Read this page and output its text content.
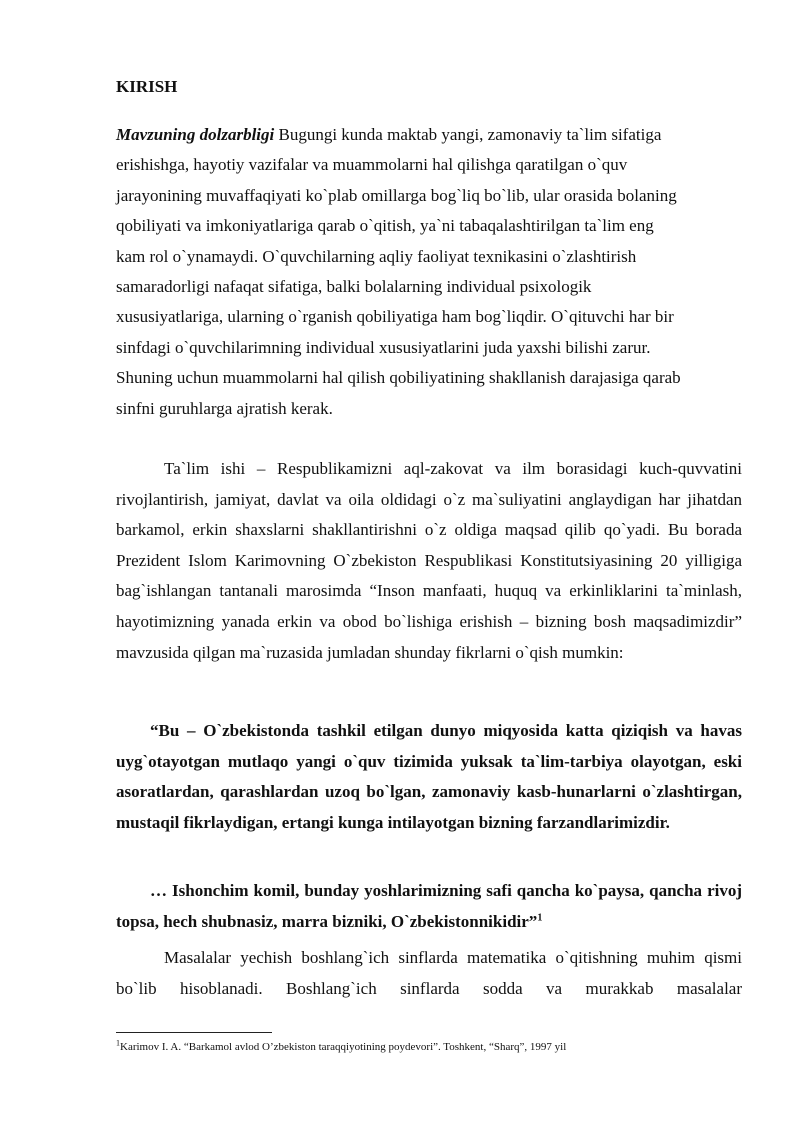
KIRISH
Mavzuning dolzarbligi Bugungi kunda maktab yangi, zamonaviy ta`lim sifatiga
erishishga, hayotiy vazifalar va muammolarni hal qilishga qaratilgan o`quv
jarayonining muvaffaqiyati ko`plab omillarga bog`liq bo`lib, ular orasida bolaning
qobiliyati va imkoniyatlariga qarab o`qitish, ya`ni tabaqalashtirilgan ta`lim eng
kam rol o`ynamaydi. O`quvchilarning aqliy faoliyat texnikasini o`zlashtirish
samaradorligi nafaqat sifatiga, balki bolalarning individual psixologik
xususiyatlariga, ularning o`rganish qobiliyatiga ham bog`liqdir. O`qituvchi har bir
sinfdagi o`quvchilarimning individual xususiyatlarini juda yaxshi bilishi zarur.
Shuning uchun muammolarni hal qilish qobiliyatining shakllanish darajasiga qarab
sinfni guruhlarga ajratish kerak.

Ta`lim ishi – Respublikamizni aql-zakovat va ilm borasidagi kuch-quvvatini rivojlantirish, jamiyat, davlat va oila oldidagi o`z ma`suliyatini anglaydigan har jihatdan barkamol, erkin shaxslarni shakllantirishni o`z oldiga maqsad qilib qo`yadi. Bu borada Prezident Islom Karimovning O`zbekiston Respublikasi Konstitutsiyasining 20 yilligiga bag`ishlangan tantanali marosimda “Inson manfaati, huquq va erkinliklarini ta`minlash, hayotimizning yanada erkin va obod bo`lishiga erishish – bizning bosh maqsadimizdir” mavzusida qilgan ma`ruzasida jumladan shunday fikrlarni o`qish mumkin:

“Bu – O`zbekistonda tashkil etilgan dunyo miqyosida katta qiziqish va havas uyg`otayotgan mutlaqo yangi o`quv tizimida yuksak ta`lim-tarbiya olayotgan, eski asoratlardan, qarashlardan uzoq bo`lgan, zamonaviy kasb-hunarlarni o`zlashtirgan, mustaqil fikrlaydigan, ertangi kunga intilayotgan bizning farzandlarimizdir.

… Ishonchim komil, bunday yoshlarimizning safi qancha ko`paysa, qancha rivoj topsa, hech shubnasiz, marra bizniki, O`zbekistonnikidir”$^1$

Masalalar yechish boshlang`ich sinflarda matematika o`qitishning muhim qismi bo`lib hisoblanadi. Boshlang`ich sinflarda sodda va murakkab masalalar

$^1$Karimov I. A. “Barkamol avlod O’zbekiston taraqqiyotining poydevori”. Toshkent, “Sharq”, 1997 yil
